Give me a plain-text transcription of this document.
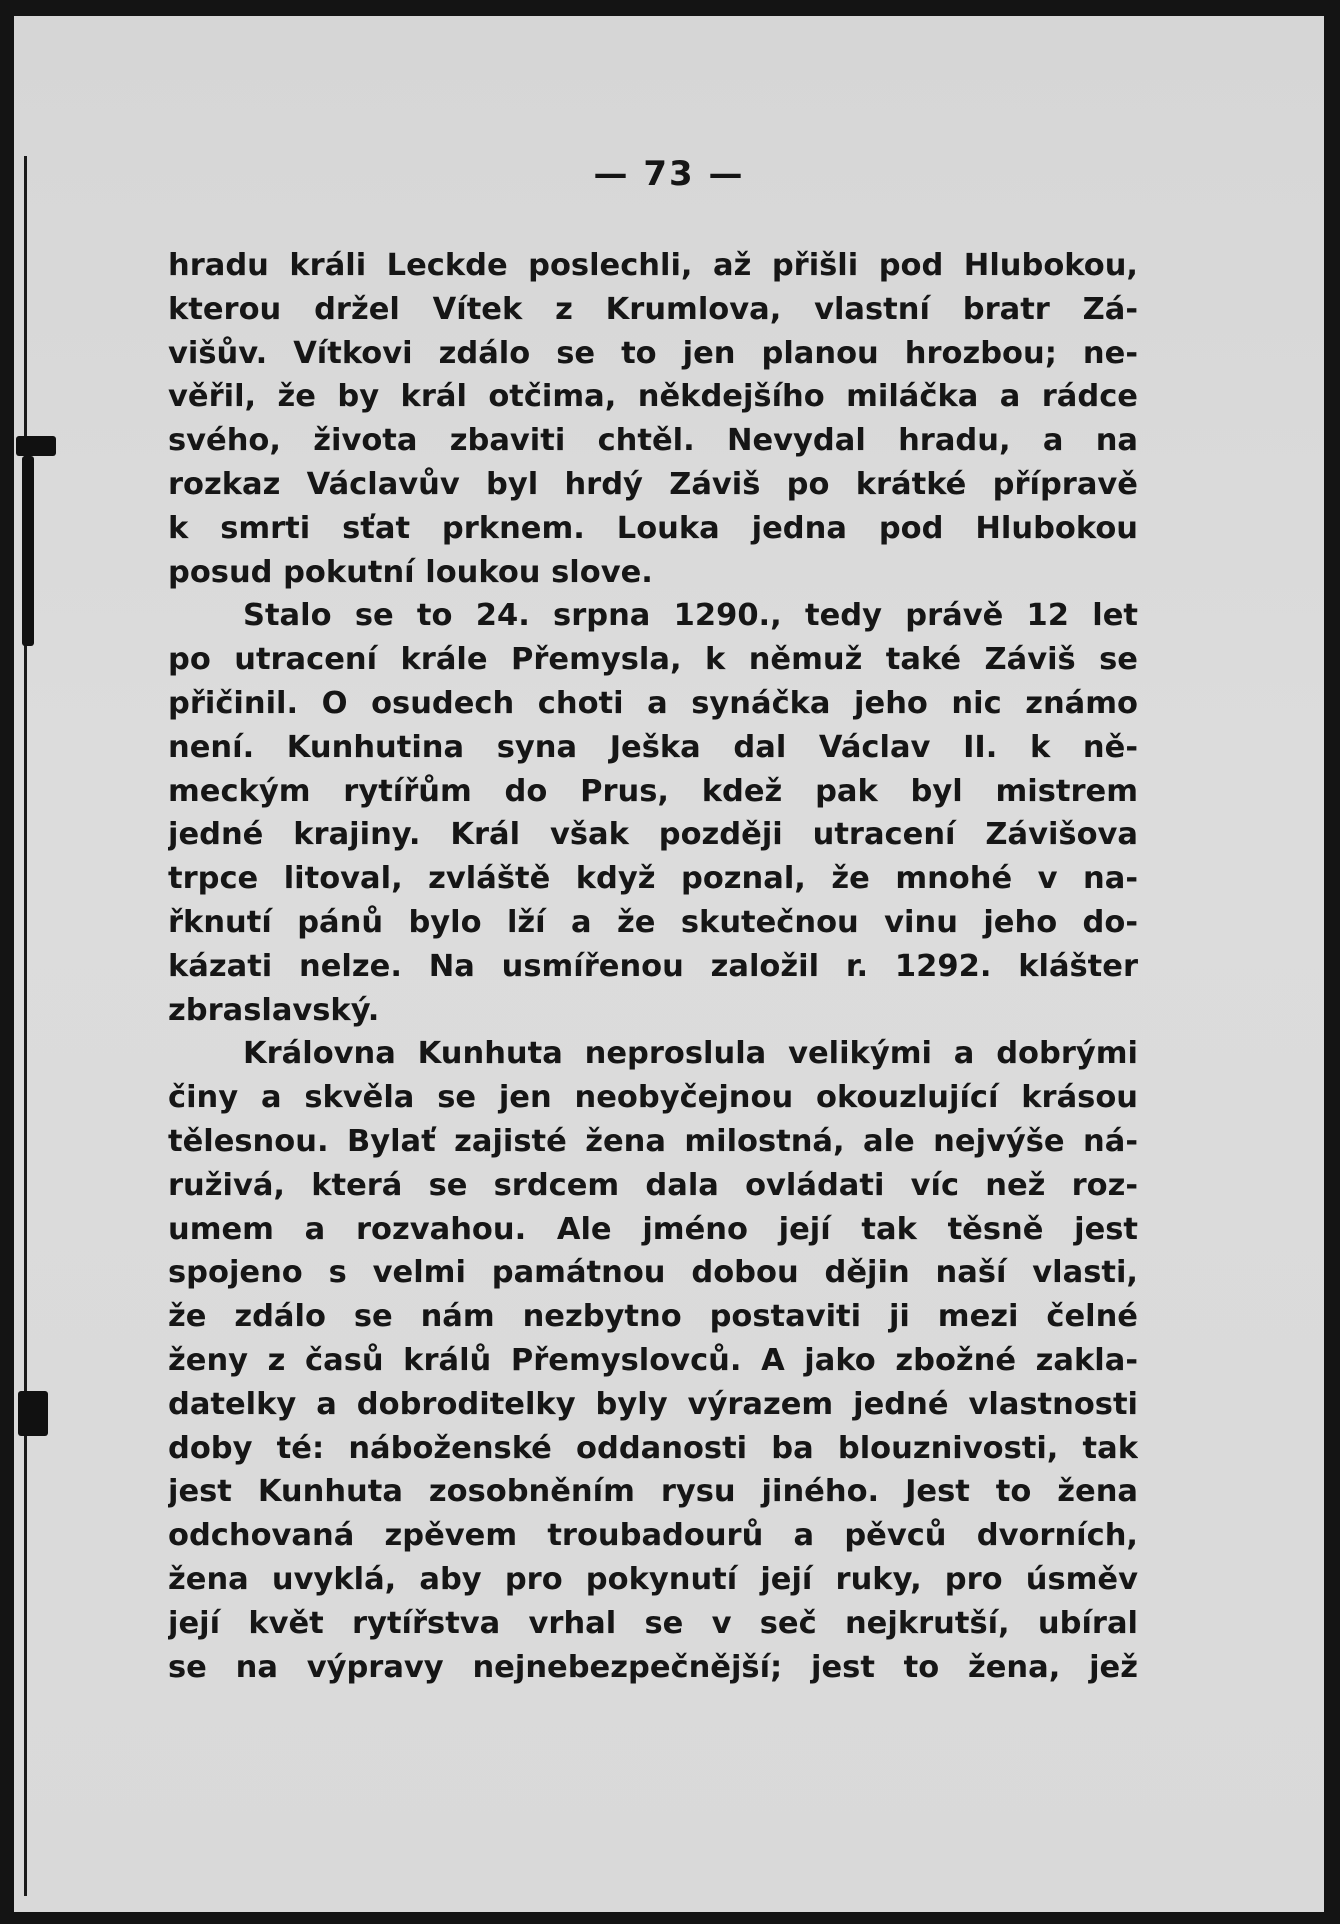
— 73 —
hradu králi Leckde poslechli, až přišli pod Hlubokou,
kterou držel Vítek z Krumlova, vlastní bratr Zá-
višův. Vítkovi zdálo se to jen planou hrozbou; ne-
věřil, že by král otčima, někdejšího miláčka a rádce
svého, života zbaviti chtěl. Nevydal hradu, a na
rozkaz Václavův byl hrdý Záviš po krátké přípravě
k smrti sťat prknem. Louka jedna pod Hlubokou
posud pokutní loukou slove.
Stalo se to 24. srpna 1290., tedy právě 12 let
po utracení krále Přemysla, k němuž také Záviš se
přičinil. O osudech choti a synáčka jeho nic známo
není. Kunhutina syna Ješka dal Václav II. k ně-
meckým rytířům do Prus, kdež pak byl mistrem
jedné krajiny. Král však později utracení Závišova
trpce litoval, zvláště když poznal, že mnohé v na-
řknutí pánů bylo lží a že skutečnou vinu jeho do-
kázati nelze. Na usmířenou založil r. 1292. klášter
zbraslavský.
Královna Kunhuta neproslula velikými a dobrými
činy a skvěla se jen neobyčejnou okouzlující krásou
tělesnou. Bylať zajisté žena milostná, ale nejvýše ná-
ruživá, která se srdcem dala ovládati víc než roz-
umem a rozvahou. Ale jméno její tak těsně jest
spojeno s velmi památnou dobou dějin naší vlasti,
že zdálo se nám nezbytno postaviti ji mezi čelné
ženy z časů králů Přemyslovců. A jako zbožné zakla-
datelky a dobroditelky byly výrazem jedné vlastnosti
doby té: náboženské oddanosti ba blouznivosti, tak
jest Kunhuta zosobněním rysu jiného. Jest to žena
odchovaná zpěvem troubadourů a pěvců dvorních,
žena uvyklá, aby pro pokynutí její ruky, pro úsměv
její květ rytířstva vrhal se v seč nejkrutší, ubíral
se na výpravy nejnebezpečnější; jest to žena, jež
